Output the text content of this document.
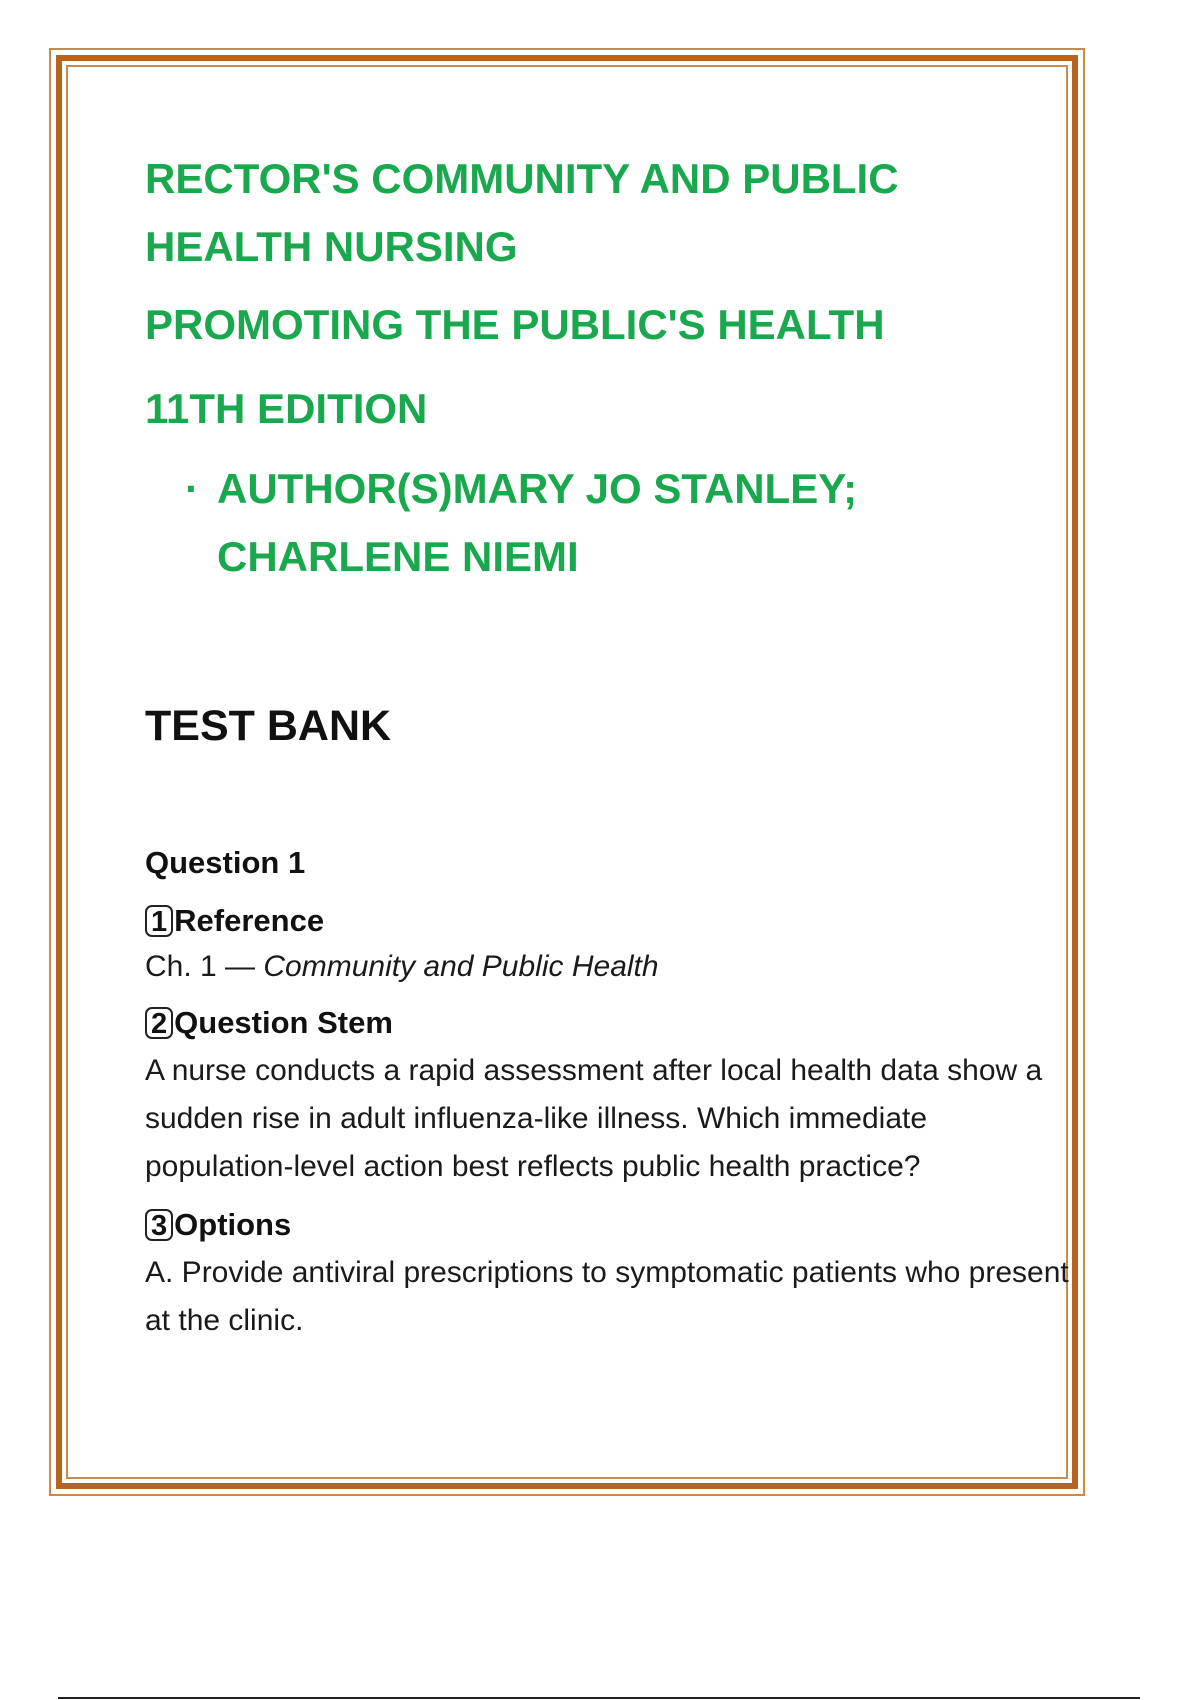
RECTOR'S COMMUNITY AND PUBLIC

HEALTH NURSING

PROMOTING THE PUBLIC'S HEALTH

11TH EDITION

· AUTHOR(S)MARY JO STANLEY;

CHARLENE NIEMI

TEST BANK

Question 1

1 Reference

Ch. 1 — Community and Public Health

2 Question Stem

A nurse conducts a rapid assessment after local health data show a sudden rise in adult influenza-like illness. Which immediate population-level action best reflects public health practice?

3 Options

A. Provide antiviral prescriptions to symptomatic patients who present at the clinic.
